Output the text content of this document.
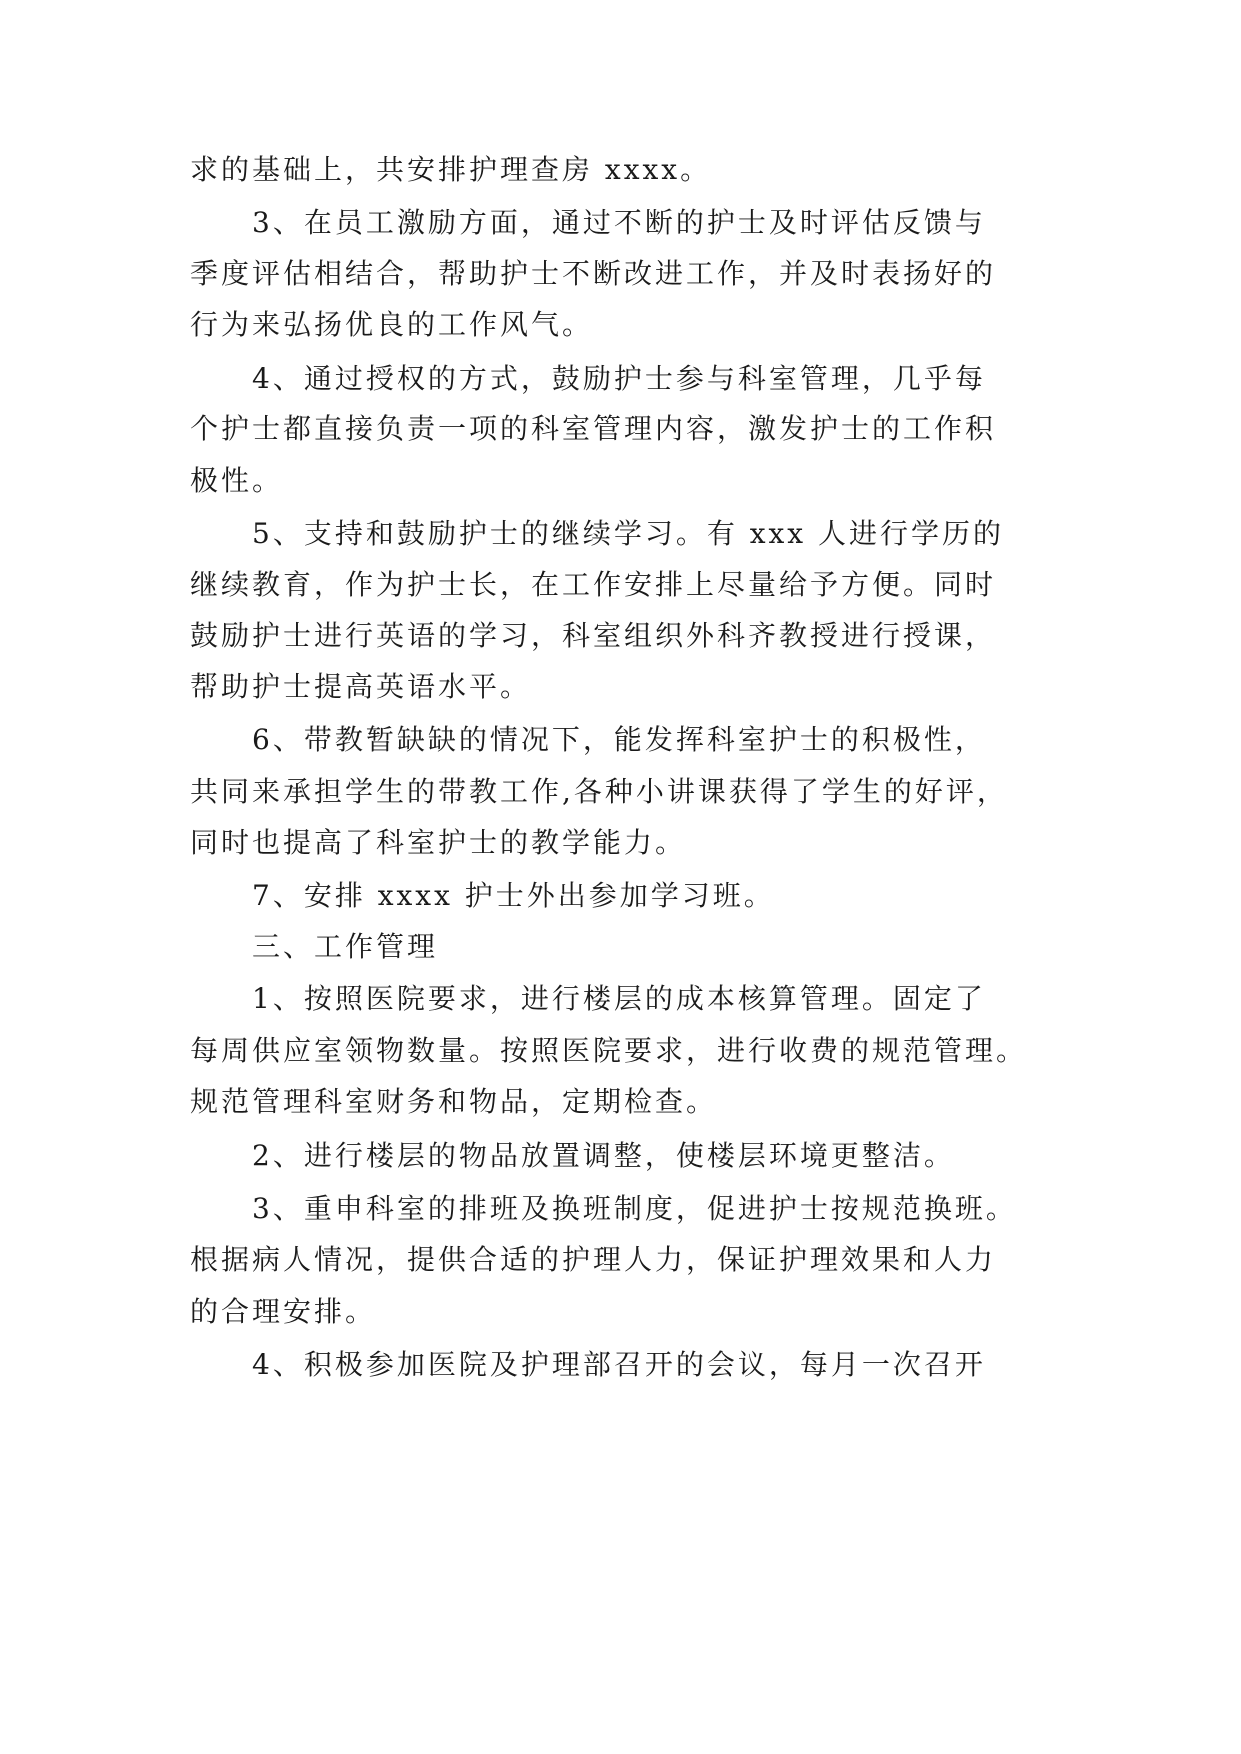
求的基础上，共安排护理查房 xxxx。
3、在员工激励方面，通过不断的护士及时评估反馈与
季度评估相结合，帮助护士不断改进工作，并及时表扬好的
行为来弘扬优良的工作风气。
4、通过授权的方式，鼓励护士参与科室管理，几乎每
个护士都直接负责一项的科室管理内容，激发护士的工作积
极性。
5、支持和鼓励护士的继续学习。有 xxx 人进行学历的
继续教育，作为护士长，在工作安排上尽量给予方便。同时
鼓励护士进行英语的学习，科室组织外科齐教授进行授课，
帮助护士提高英语水平。
6、带教暂缺缺的情况下，能发挥科室护士的积极性，
共同来承担学生的带教工作,各种小讲课获得了学生的好评，
同时也提高了科室护士的教学能力。
7、安排 xxxx 护士外出参加学习班。
三、工作管理
1、按照医院要求，进行楼层的成本核算管理。固定了
每周供应室领物数量。按照医院要求，进行收费的规范管理。
规范管理科室财务和物品，定期检查。
2、进行楼层的物品放置调整，使楼层环境更整洁。
3、重申科室的排班及换班制度，促进护士按规范换班。
根据病人情况，提供合适的护理人力，保证护理效果和人力
的合理安排。
4、积极参加医院及护理部召开的会议，每月一次召开
